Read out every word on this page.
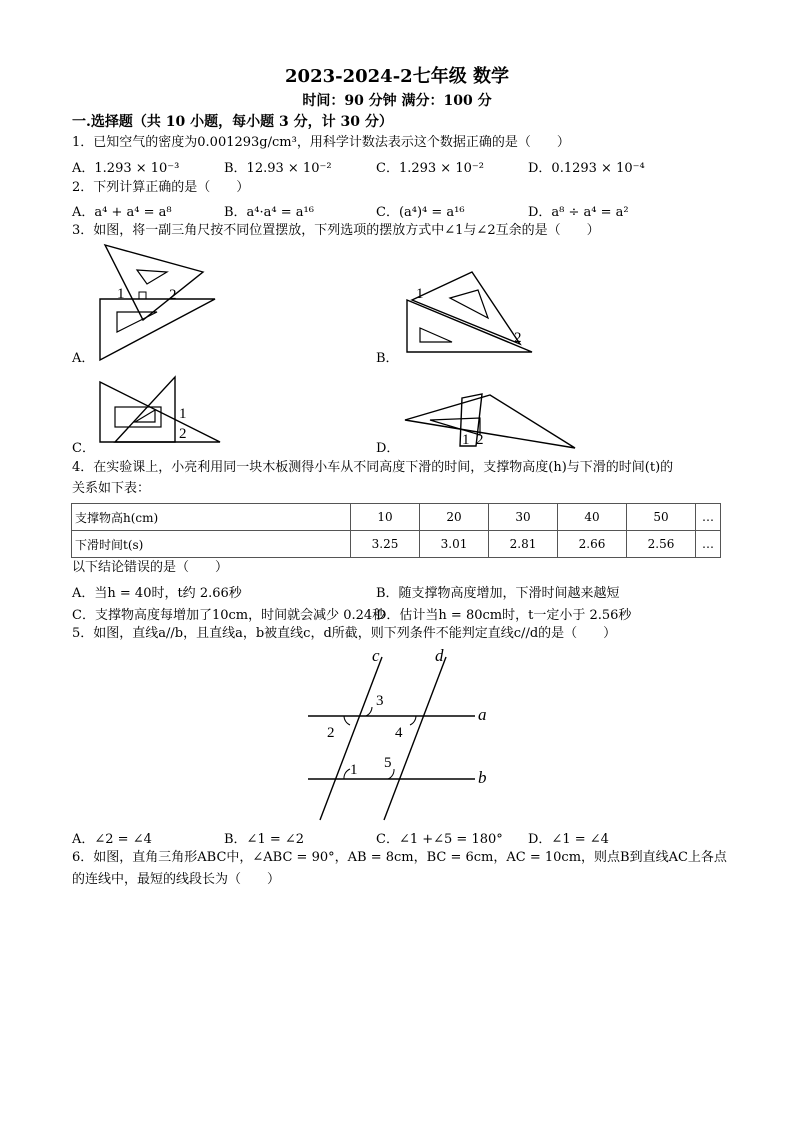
2023-2024-2七年级 数学
时间：90 分钟 满分：100 分
一.选择题（共 10 小题，每小题 3 分，计 30 分）
1．已知空气的密度为0.001293g/cm³，用科学计数法表示这个数据正确的是（　　）
A．1.293 × 10⁻³	B．12.93 × 10⁻²	C．1.293 × 10⁻²	D．0.1293 × 10⁻⁴
2．下列计算正确的是（　　）
A．a⁴ + a⁴ = a⁸	B．a⁴·a⁴ = a¹⁶	C．(a⁴)⁴ = a¹⁶	D．a⁸ ÷ a⁴ = a²
3．如图，将一副三角尺按不同位置摆放，下列选项的摆放方式中∠1与∠2互余的是（　　）
1	2
A．
1
2
B．
1
2
C．
1 2
D．
4．在实验课上，小亮利用同一块木板测得小车从不同高度下滑的时间，支撑物高度(h)与下滑的时间(t)的
关系如下表：
支撑物高h(cm)	10	20	30	40	50	…
下滑时间t(s)	3.25	3.01	2.81	2.66	2.56	…
以下结论错误的是（　　）
A．当h = 40时，t约 2.66秒	B．随支撑物高度增加，下滑时间越来越短
C．支撑物高度每增加了10cm，时间就会减少 0.24秒
D．估计当h = 80cm时，t一定小于 2.56秒
5．如图，直线a//b，且直线a，b被直线c，d所截，则下列条件不能判定直线c//d的是（　　）
c	d
a
b
3
2	4
1 5
A．∠2 = ∠4	B．∠1 = ∠2	C．∠1 +∠5 = 180° D．∠1 = ∠4
6．如图，直角三角形ABC中，∠ABC = 90°，AB = 8cm，BC = 6cm，AC = 10cm，则点B到直线AC上各点
的连线中，最短的线段长为（　　）
